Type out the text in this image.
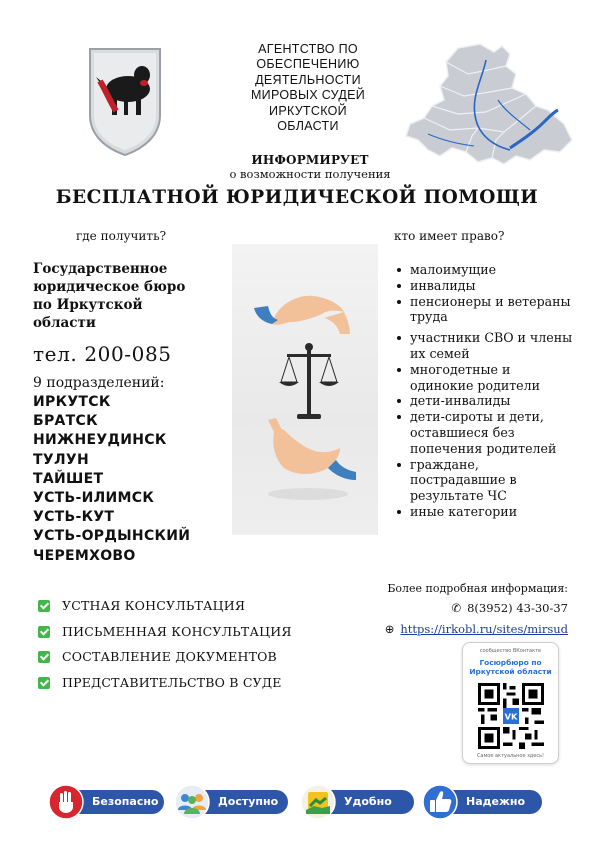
АГЕНТСТВО ПО
ОБЕСПЕЧЕНИЮ
ДЕЯТЕЛЬНОСТИ
МИРОВЫХ СУДЕЙ
ИРКУТСКОЙ
ОБЛАСТИ
ИНФОРМИРУЕТ
о возможности получения
БЕСПЛАТНОЙ ЮРИДИЧЕСКОЙ ПОМОЩИ
где получить?	кто имеет право?
Государственное
юридическое бюро
по Иркутской
области
тел. 200-085
9 подразделений:
ИРКУТСК
БРАТСК
НИЖНЕУДИНСК
ТУЛУН
ТАЙШЕТ
УСТЬ-ИЛИМСК
УСТЬ-КУТ
УСТЬ-ОРДЫНСКИЙ
ЧЕРЕМХОВО
малоимущие
инвалиды
пенсионеры и ветераны труда
участники СВО и члены их семей
многодетные и одинокие родители
дети-инвалиды
дети-сироты и дети, оставшиеся без попечения родителей
граждане, пострадавшие в результате ЧС
иные категории
УСТНАЯ КОНСУЛЬТАЦИЯ
ПИСЬМЕННАЯ КОНСУЛЬТАЦИЯ
СОСТАВЛЕНИЕ ДОКУМЕНТОВ
ПРЕДСТАВИТЕЛЬСТВО В СУДЕ
Более подробная информация:
✆ 8(3952) 43-30-37
⊕ https://irkobl.ru/sites/mirsud
сообщество ВКонтакте
Госюрбюро по Иркутской области
VK
Самое актуальное здесь!
Безопасно	Доступно	Удобно	Надежно
